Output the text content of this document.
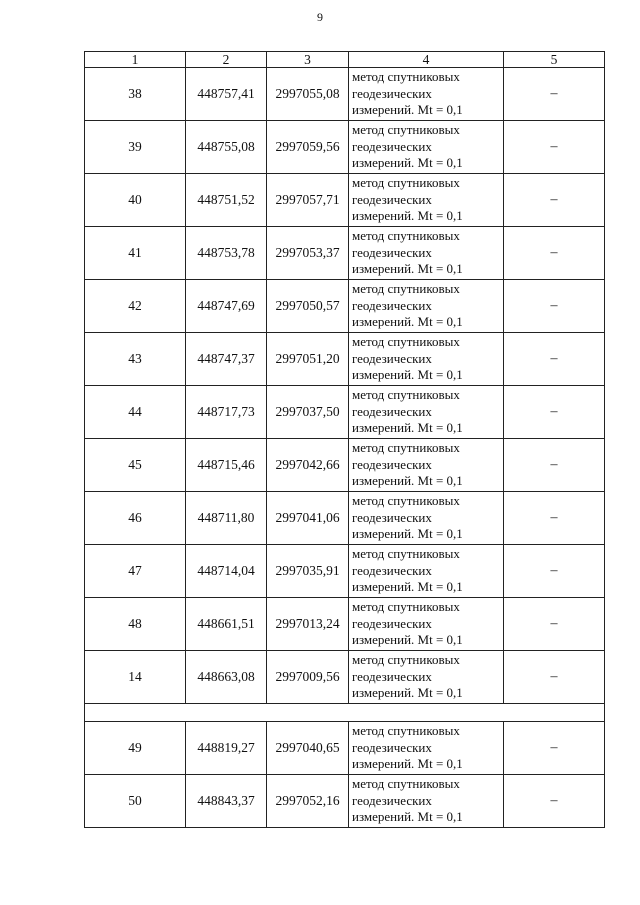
9
1	2	3	4	5
38	448757,41	2997055,08	метод спутниковых
геодезических
измерений. Mt = 0,1	–
39	448755,08	2997059,56	метод спутниковых
геодезических
измерений. Mt = 0,1	–
40	448751,52	2997057,71	метод спутниковых
геодезических
измерений. Mt = 0,1	–
41	448753,78	2997053,37	метод спутниковых
геодезических
измерений. Mt = 0,1	–
42	448747,69	2997050,57	метод спутниковых
геодезических
измерений. Mt = 0,1	–
43	448747,37	2997051,20	метод спутниковых
геодезических
измерений. Mt = 0,1	–
44	448717,73	2997037,50	метод спутниковых
геодезических
измерений. Mt = 0,1	–
45	448715,46	2997042,66	метод спутниковых
геодезических
измерений. Mt = 0,1	–
46	448711,80	2997041,06	метод спутниковых
геодезических
измерений. Mt = 0,1	–
47	448714,04	2997035,91	метод спутниковых
геодезических
измерений. Mt = 0,1	–
48	448661,51	2997013,24	метод спутниковых
геодезических
измерений. Mt = 0,1	–
14	448663,08	2997009,56	метод спутниковых
геодезических
измерений. Mt = 0,1	–

49	448819,27	2997040,65	метод спутниковых
геодезических
измерений. Mt = 0,1	–
50	448843,37	2997052,16	метод спутниковых
геодезических
измерений. Mt = 0,1	–
